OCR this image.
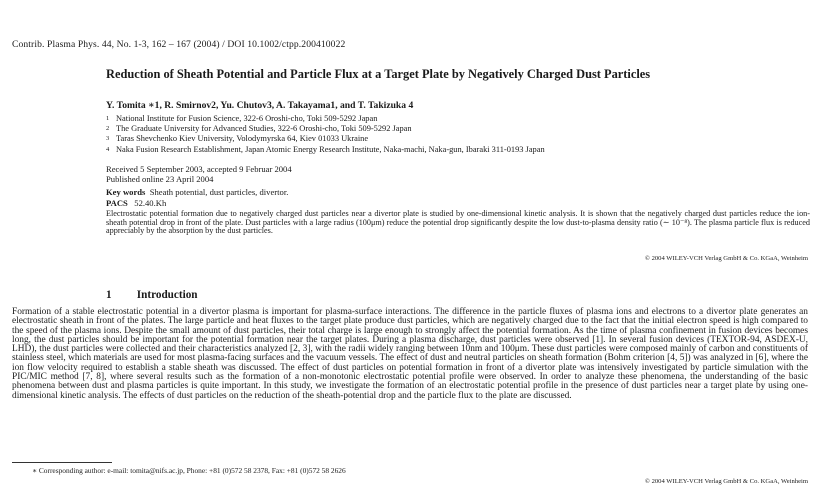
Contrib. Plasma Phys. 44, No. 1-3, 162 – 167 (2004) / DOI 10.1002/ctpp.200410022
Reduction of Sheath Potential and Particle Flux at a Target Plate by Negatively Charged Dust Particles
Y. Tomita ∗1, R. Smirnov2, Yu. Chutov3, A. Takayama1, and T. Takizuka 4
1 National Institute for Fusion Science, 322-6 Oroshi-cho, Toki 509-5292 Japan
2 The Graduate University for Advanced Studies, 322-6 Oroshi-cho, Toki 509-5292 Japan
3 Taras Shevchenko Kiev University, Volodymyrska 64, Kiev 01033 Ukraine
4 Naka Fusion Research Establishment, Japan Atomic Energy Research Institute, Naka-machi, Naka-gun, Ibaraki 311-0193 Japan
Received 5 September 2003, accepted 9 Februar 2004
Published online 23 April 2004
Key words Sheath potential, dust particles, divertor.
PACS 52.40.Kh
Electrostatic potential formation due to negatively charged dust particles near a divertor plate is studied by one-dimensional kinetic analysis. It is shown that the negatively charged dust particles reduce the ion-sheath potential drop in front of the plate. Dust particles with a large radius (100μm) reduce the potential drop significantly despite the low dust-to-plasma density ratio (∼ 10⁻⁸). The plasma particle flux is reduced appreciably by the absorption by the dust particles.
© 2004 WILEY-VCH Verlag GmbH & Co. KGaA, Weinheim
1 Introduction
Formation of a stable electrostatic potential in a divertor plasma is important for plasma-surface interactions. The difference in the particle fluxes of plasma ions and electrons to a divertor plate generates an electrostatic sheath in front of the plates. The large particle and heat fluxes to the target plate produce dust particles, which are negatively charged due to the fact that the initial electron speed is high compared to the speed of the plasma ions. Despite the small amount of dust particles, their total charge is large enough to strongly affect the potential formation. As the time of plasma confinement in fusion devices becomes long, the dust particles should be important for the potential formation near the target plates. During a plasma discharge, dust particles were observed [1]. In several fusion devices (TEXTOR-94, ASDEX-U, LHD), the dust particles were collected and their characteristics analyzed [2, 3], with the radii widely ranging between 10nm and 100μm. These dust particles were composed mainly of carbon and constituents of stainless steel, which materials are used for most plasma-facing surfaces and the vacuum vessels. The effect of dust and neutral particles on sheath formation (Bohm criterion [4, 5]) was analyzed in [6], where the ion flow velocity required to establish a stable sheath was discussed. The effect of dust particles on potential formation in front of a divertor plate was intensively investigated by particle simulation with the PIC/MIC method [7, 8], where several results such as the formation of a non-monotonic electrostatic potential profile were observed. In order to analyze these phenomena, the understanding of the basic phenomena between dust and plasma particles is quite important. In this study, we investigate the formation of an electrostatic potential profile in the presence of dust particles near a target plate by using one-dimensional kinetic analysis. The effects of dust particles on the reduction of the sheath-potential drop and the particle flux to the plate are discussed.
∗ Corresponding author: e-mail: tomita@nifs.ac.jp, Phone: +81 (0)572 58 2378, Fax: +81 (0)572 58 2626
© 2004 WILEY-VCH Verlag GmbH & Co. KGaA, Weinheim
